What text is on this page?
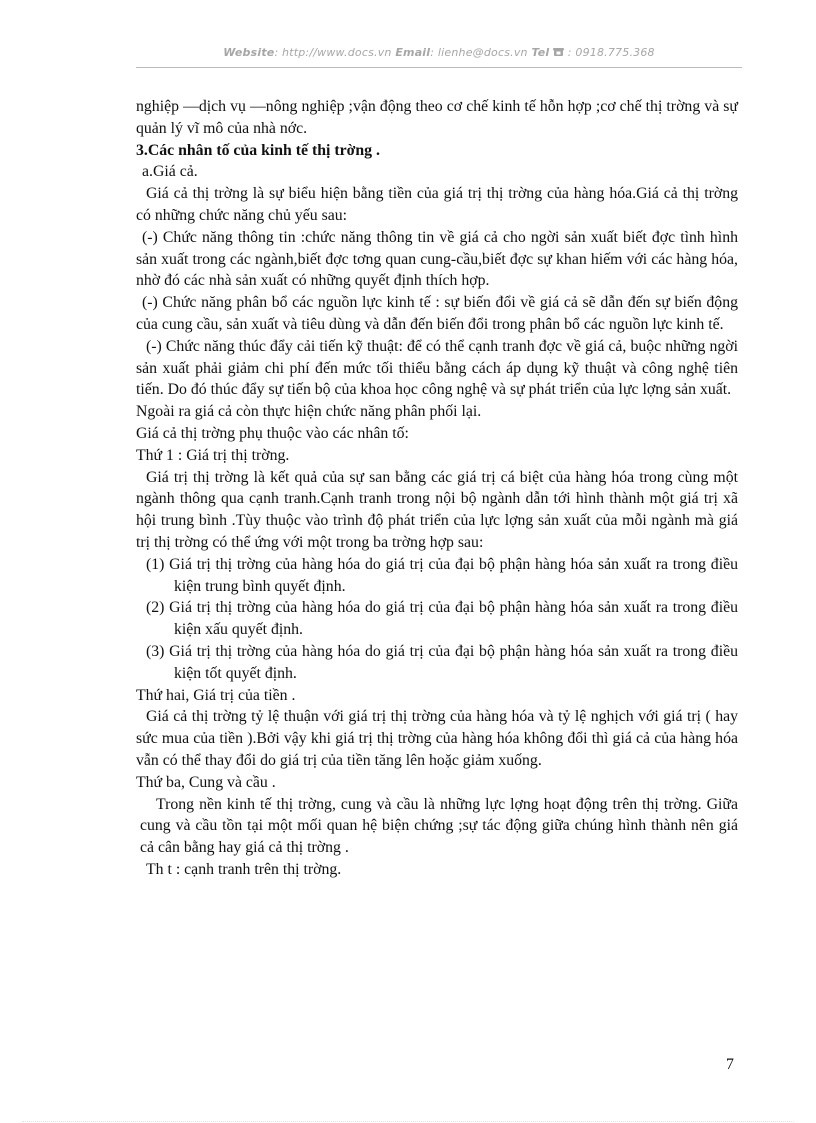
Website: http://www.docs.vn Email: lienhe@docs.vn Tel : 0918.775.368

nghiệp —dịch vụ —nông nghiệp ;vận động theo cơ chế kinh tế hỗn hợp ;cơ chế thị trờng và sự quản lý vĩ mô của nhà nớc.

3.Các nhân tố của kinh tế thị trờng .

a.Giá cả.

Giá cả thị trờng là sự biểu hiện bằng tiền của giá trị thị trờng của hàng hóa.Giá cả thị trờng có những chức năng chủ yếu sau:

(-) Chức năng thông tin :chức năng thông tin về giá cả cho ngời sản xuất biết đợc tình hình sản xuất trong các ngành,biết đợc tơng quan cung-cầu,biết đợc sự khan hiếm với các hàng hóa, nhờ đó các nhà sản xuất có những quyết định thích hợp.

(-) Chức năng phân bổ các nguồn lực kinh tế : sự biến đổi về giá cả sẽ dẫn đến sự biến động của cung cầu, sản xuất và tiêu dùng và dẫn đến biến đổi trong phân bổ các nguồn lực kinh tế.

(-) Chức năng thúc đẩy cải tiến kỹ thuật: để có thể cạnh tranh đợc về giá cả, buộc những ngời sản xuất phải giảm chi phí đến mức tối thiểu bằng cách áp dụng kỹ thuật và công nghệ tiên tiến. Do đó thúc đẩy sự tiến bộ của khoa học công nghệ và sự phát triển của lực lợng sản xuất.

Ngoài ra giá cả còn thực hiện chức năng phân phối lại.

Giá cả thị trờng phụ thuộc vào các nhân tố:

Thứ 1 : Giá trị thị trờng.

Giá trị thị trờng là kết quả của sự san bằng các giá trị cá biệt của hàng hóa trong cùng một ngành thông qua cạnh tranh.Cạnh tranh trong nội bộ ngành dẫn tới hình thành một giá trị xã hội trung bình .Tùy thuộc vào trình độ phát triển của lực lợng sản xuất của mỗi ngành mà giá trị thị trờng có thể ứng với một trong ba trờng hợp sau:

(1) Giá trị thị trờng của hàng hóa do giá trị của đại bộ phận hàng hóa sản xuất ra trong điều kiện trung bình quyết định.

(2) Giá trị thị trờng của hàng hóa do giá trị của đại bộ phận hàng hóa sản xuất ra trong điều kiện xấu quyết định.

(3) Giá trị thị trờng của hàng hóa do giá trị của đại bộ phận hàng hóa sản xuất ra trong điều kiện tốt quyết định.

Thứ hai, Giá trị của tiền .

Giá cả thị trờng tỷ lệ thuận với giá trị thị trờng của hàng hóa và tỷ lệ nghịch với giá trị ( hay sức mua của tiền ).Bởi vậy khi giá trị thị trờng của hàng hóa không đổi thì giá cả của hàng hóa vẫn có thể thay đổi do giá trị của tiền tăng lên hoặc giảm xuống.

Thứ ba, Cung và cầu .

Trong nền kinh tế thị trờng, cung và cầu là những lực lợng hoạt động trên thị trờng. Giữa cung và cầu tồn tại một mối quan hệ biện chứng ;sự tác động giữa chúng hình thành nên giá cả cân bằng hay giá cả thị trờng .

Th t : cạnh tranh trên thị trờng.

7
